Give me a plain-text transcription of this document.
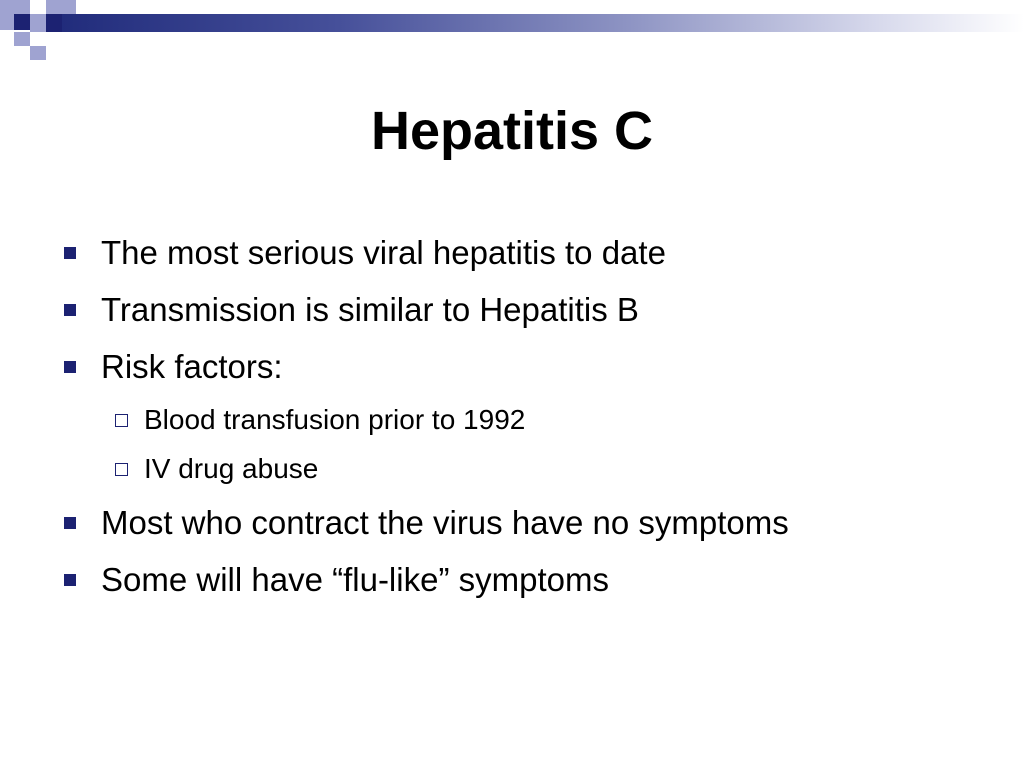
Hepatitis C
The most serious viral hepatitis to date
Transmission is similar to Hepatitis B
Risk factors:
Blood transfusion prior to 1992
IV drug abuse
Most who contract the virus have no symptoms
Some will have “flu-like” symptoms
